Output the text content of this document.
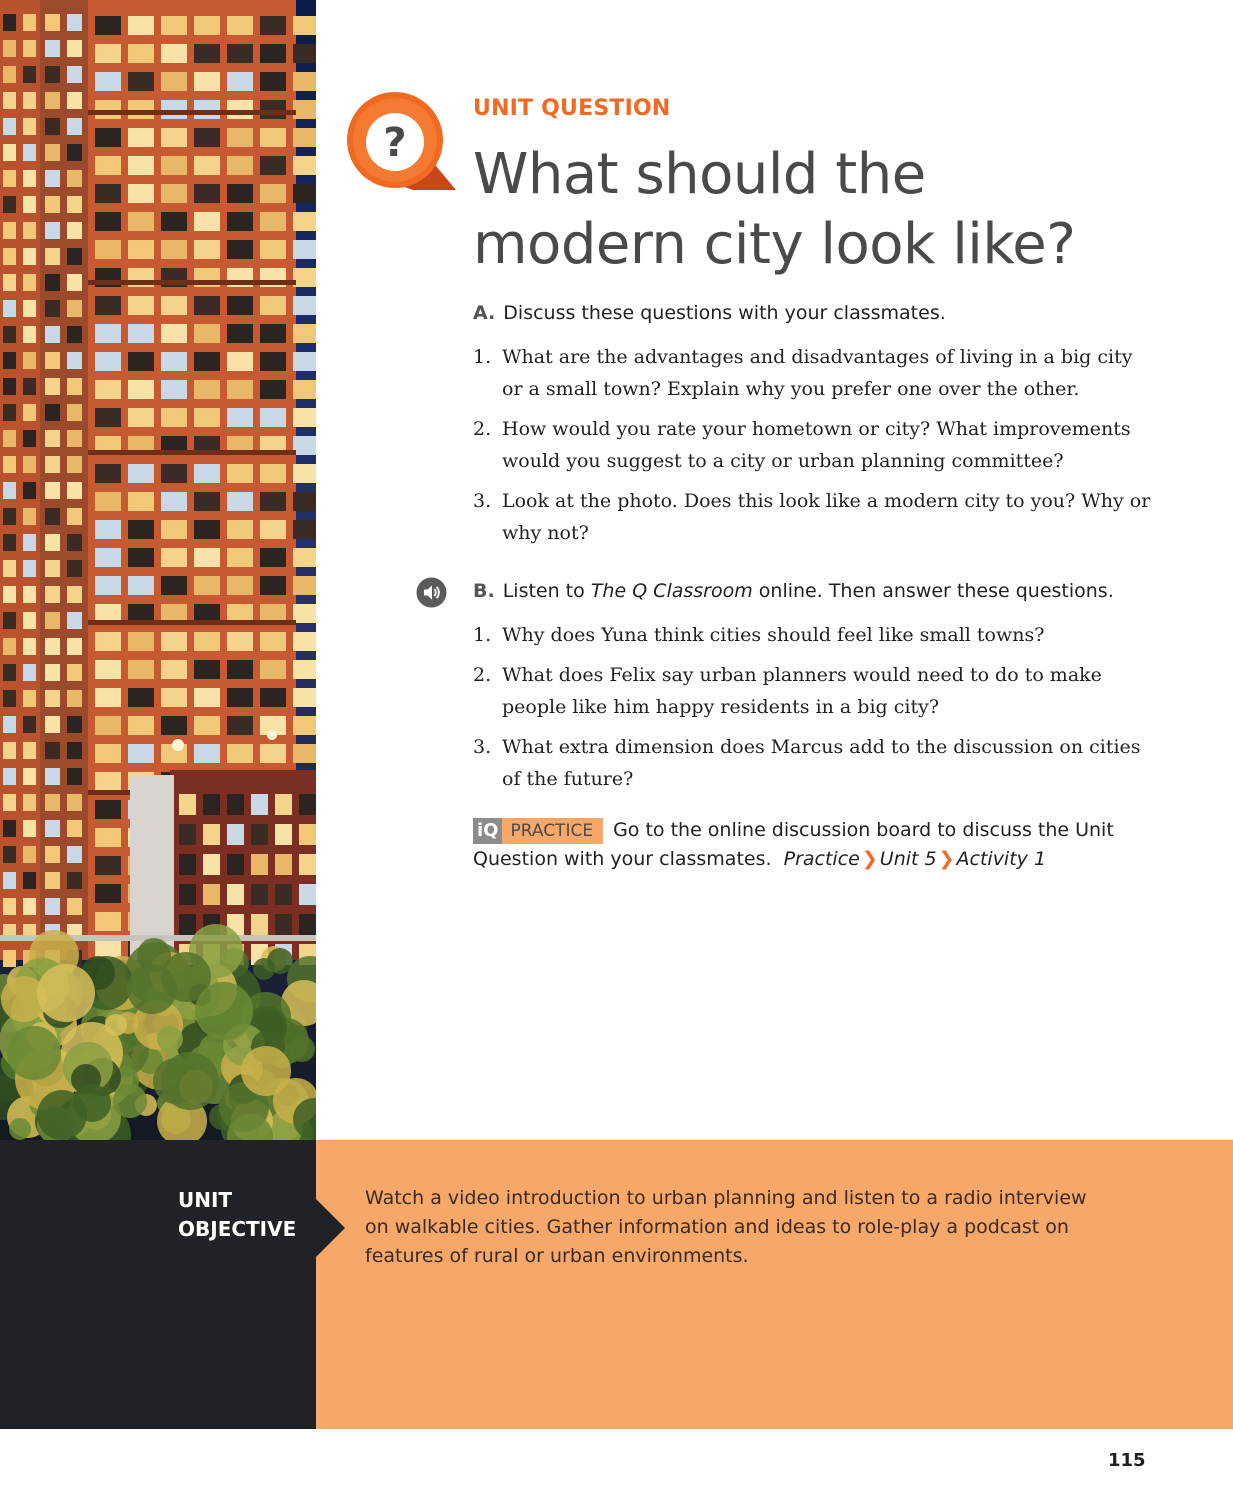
?
UNIT QUESTION
What should the
modern city look like?
A. Discuss these questions with your classmates.
1. What are the advantages and disadvantages of living in a big city or a small town? Explain why you prefer one over the other.
2. How would you rate your hometown or city? What improvements would you suggest to a city or urban planning committee?
3. Look at the photo. Does this look like a modern city to you? Why or why not?
B. Listen to The Q Classroom online. Then answer these questions.
1. Why does Yuna think cities should feel like small towns?
2. What does Felix say urban planners would need to do to make people like him happy residents in a big city?
3. What extra dimension does Marcus add to the discussion on cities of the future?
iQ PRACTICE	Go to the online discussion board to discuss the Unit Question with your classmates. Practice ❯ Unit 5 ❯ Activity 1
UNIT
OBJECTIVE
Watch a video introduction to urban planning and listen to a radio interview on walkable cities. Gather information and ideas to role-play a podcast on features of rural or urban environments.
115
